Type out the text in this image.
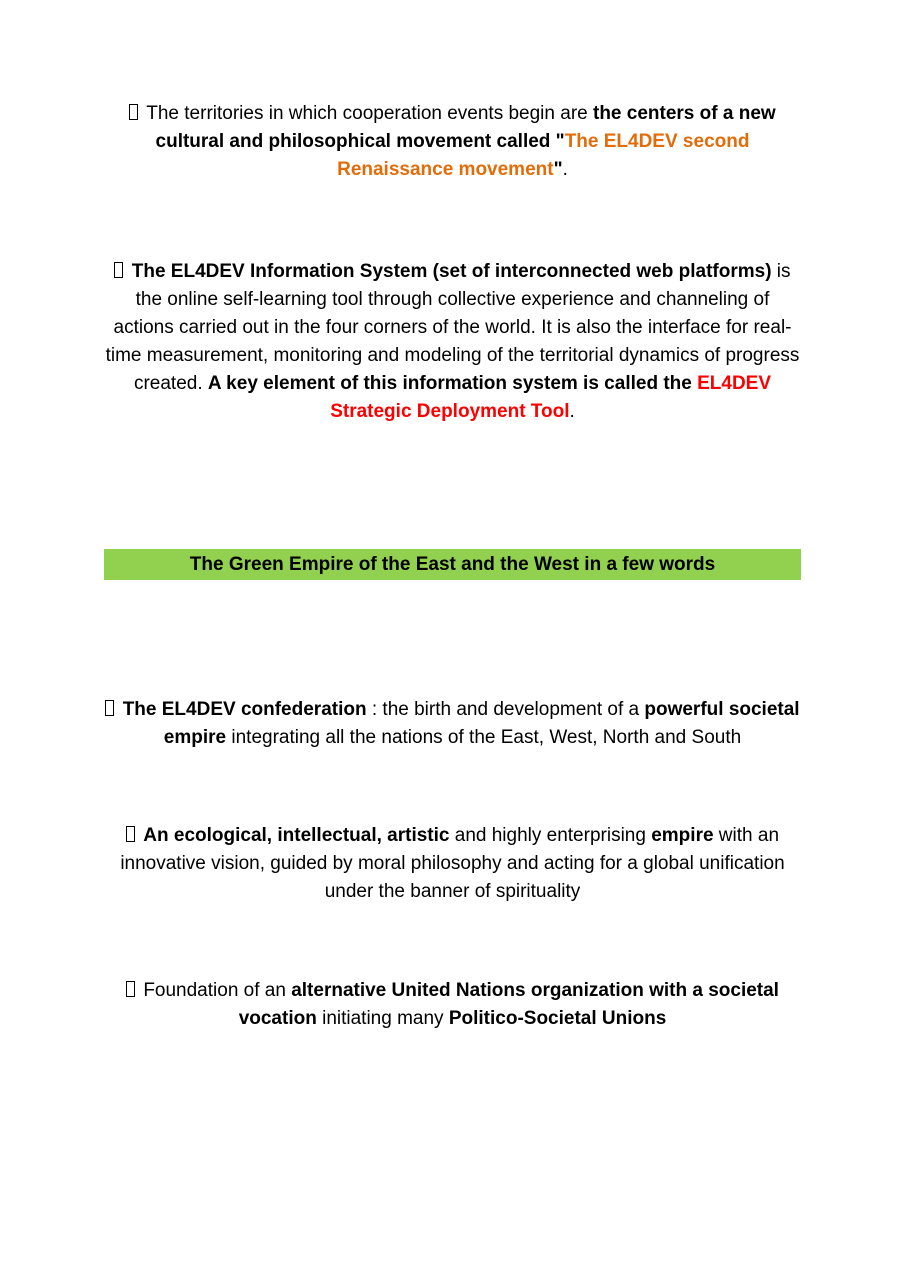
The territories in which cooperation events begin are the centers of a new cultural and philosophical movement called "The EL4DEV second Renaissance movement".
The EL4DEV Information System (set of interconnected web platforms) is the online self-learning tool through collective experience and channeling of actions carried out in the four corners of the world. It is also the interface for real-time measurement, monitoring and modeling of the territorial dynamics of progress created. A key element of this information system is called the EL4DEV Strategic Deployment Tool.
The Green Empire of the East and the West in a few words
The EL4DEV confederation : the birth and development of a powerful societal empire integrating all the nations of the East, West, North and South
An ecological, intellectual, artistic and highly enterprising empire with an innovative vision, guided by moral philosophy and acting for a global unification under the banner of spirituality
Foundation of an alternative United Nations organization with a societal vocation initiating many Politico-Societal Unions
